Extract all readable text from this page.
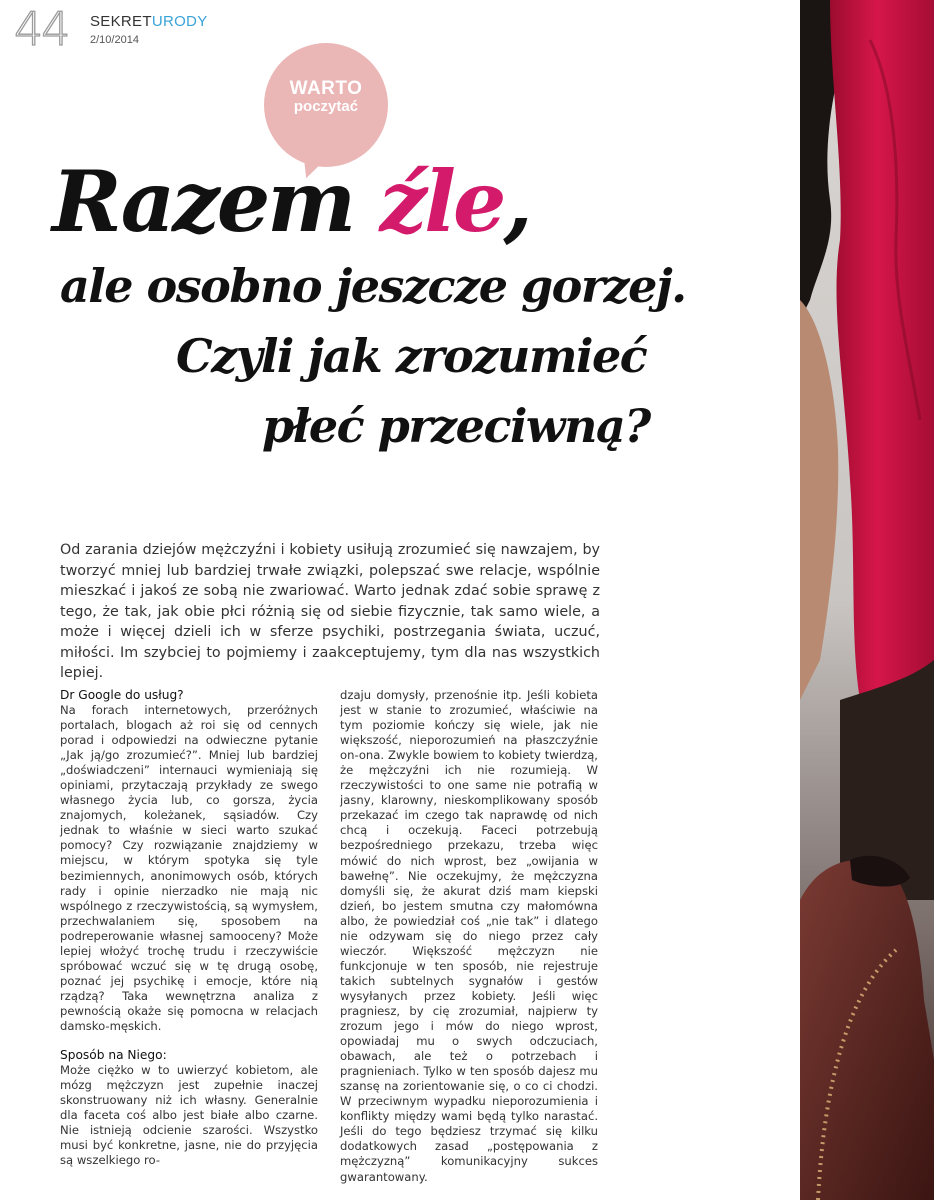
44 SEKRETURODY
2/10/2014
WARTO
poczytać
Razem źle,
ale osobno jeszcze gorzej.
Czyli jak zrozumieć
płeć przeciwną?

Od zarania dziejów mężczyźni i kobiety usiłują zrozumieć się nawzajem, by tworzyć mniej lub bardziej trwałe związki, polepszać swe relacje, wspólnie mieszkać i jakoś ze sobą nie zwariować. Warto jednak zdać sobie sprawę z tego, że tak, jak obie płci różnią się od siebie fizycznie, tak samo wiele, a może i więcej dzieli ich w sferze psychiki, postrzegania świata, uczuć, miłości. Im szybciej to pojmiemy i zaakceptujemy, tym dla nas wszystkich lepiej.

Dr Google do usług?

Na forach internetowych, przeróżnych portalach, blogach aż roi się od cennych porad i odpowiedzi na odwieczne pytanie „Jak ją/go zrozumieć?”. Mniej lub bardziej „doświadczeni” internauci wymieniają się opiniami, przytaczają przykłady ze swego własnego życia lub, co gorsza, życia znajomych, koleżanek, sąsiadów. Czy jednak to właśnie w sieci warto szukać pomocy? Czy rozwiązanie znajdziemy w miejscu, w którym spotyka się tyle bezimiennych, anonimowych osób, których rady i opinie nierzadko nie mają nic wspólnego z rzeczywistością, są wymysłem, przechwalaniem się, sposobem na podreperowanie własnej samooceny? Może lepiej włożyć trochę trudu i rzeczywiście spróbować wczuć się w tę drugą osobę, poznać jej psychikę i emocje, które nią rządzą? Taka wewnętrzna analiza z pewnością okaże się pomocna w relacjach damsko-męskich.

Sposób na Niego:

Może ciężko w to uwierzyć kobietom, ale mózg mężczyzn jest zupełnie inaczej skonstruowany niż ich własny. Generalnie dla faceta coś albo jest białe albo czarne. Nie istnieją odcienie szarości. Wszystko musi być konkretne, jasne, nie do przyjęcia są wszelkiego ro-

dzaju domysły, przenośnie itp. Jeśli kobieta jest w stanie to zrozumieć, właściwie na tym poziomie kończy się wiele, jak nie większość, nieporozumień na płaszczyźnie on-ona. Zwykle bowiem to kobiety twierdzą, że mężczyźni ich nie rozumieją. W rzeczywistości to one same nie potrafią w jasny, klarowny, nieskomplikowany sposób przekazać im czego tak naprawdę od nich chcą i oczekują. Faceci potrzebują bezpośredniego przekazu, trzeba więc mówić do nich wprost, bez „owijania w bawełnę”. Nie oczekujmy, że mężczyzna domyśli się, że akurat dziś mam kiepski dzień, bo jestem smutna czy małomówna albo, że powiedział coś „nie tak” i dlatego nie odzywam się do niego przez cały wieczór. Większość mężczyzn nie funkcjonuje w ten sposób, nie rejestruje takich subtelnych sygnałów i gestów wysyłanych przez kobiety. Jeśli więc pragniesz, by cię zrozumiał, najpierw ty zrozum jego i mów do niego wprost, opowiadaj mu o swych odczuciach, obawach, ale też o potrzebach i pragnieniach. Tylko w ten sposób dajesz mu szansę na zorientowanie się, o co ci chodzi. W przeciwnym wypadku nieporozumienia i konflikty między wami będą tylko narastać. Jeśli do tego będziesz trzymać się kilku dodatkowych zasad „postępowania z mężczyzną” komunikacyjny sukces gwarantowany.
